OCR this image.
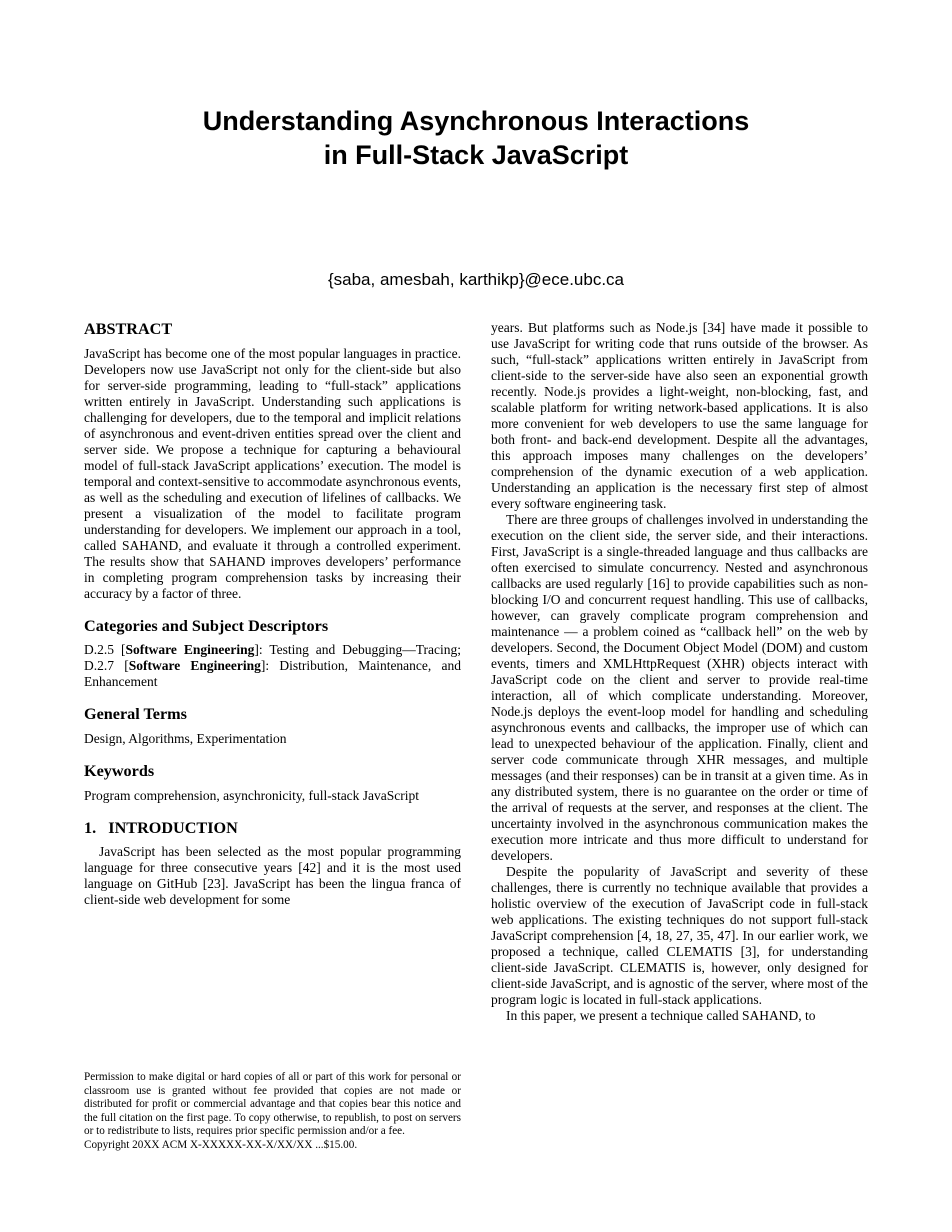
Understanding Asynchronous Interactions
in Full-Stack JavaScript
{saba, amesbah, karthikp}@ece.ubc.ca
ABSTRACT

JavaScript has become one of the most popular languages in practice. Developers now use JavaScript not only for the client-side but also for server-side programming, leading to “full-stack” applications written entirely in JavaScript. Understanding such applications is challenging for developers, due to the temporal and implicit relations of asynchronous and event-driven entities spread over the client and server side. We propose a technique for capturing a behavioural model of full-stack JavaScript applications’ execution. The model is temporal and context-sensitive to accommodate asynchronous events, as well as the scheduling and execution of lifelines of callbacks. We present a visualization of the model to facilitate program understanding for developers. We implement our approach in a tool, called SAHAND, and evaluate it through a controlled experiment. The results show that SAHAND improves developers’ performance in completing program comprehension tasks by increasing their accuracy by a factor of three.

Categories and Subject Descriptors

D.2.5 [Software Engineering]: Testing and Debugging—Tracing; D.2.7 [Software Engineering]: Distribution, Maintenance, and Enhancement

General Terms

Design, Algorithms, Experimentation

Keywords

Program comprehension, asynchronicity, full-stack JavaScript

1.   INTRODUCTION

JavaScript has been selected as the most popular programming language for three consecutive years [42] and it is the most used language on GitHub [23]. JavaScript has been the lingua franca of client-side web development for some

Permission to make digital or hard copies of all or part of this work for personal or classroom use is granted without fee provided that copies are not made or distributed for profit or commercial advantage and that copies bear this notice and the full citation on the first page. To copy otherwise, to republish, to post on servers or to redistribute to lists, requires prior specific permission and/or a fee.

Copyright 20XX ACM X-XXXXX-XX-X/XX/XX ...$15.00.

years. But platforms such as Node.js [34] have made it possible to use JavaScript for writing code that runs outside of the browser. As such, “full-stack” applications written entirely in JavaScript from client-side to the server-side have also seen an exponential growth recently. Node.js provides a light-weight, non-blocking, fast, and scalable platform for writing network-based applications. It is also more convenient for web developers to use the same language for both front- and back-end development. Despite all the advantages, this approach imposes many challenges on the developers’ comprehension of the dynamic execution of a web application. Understanding an application is the necessary first step of almost every software engineering task.

There are three groups of challenges involved in understanding the execution on the client side, the server side, and their interactions. First, JavaScript is a single-threaded language and thus callbacks are often exercised to simulate concurrency. Nested and asynchronous callbacks are used regularly [16] to provide capabilities such as non-blocking I/O and concurrent request handling. This use of callbacks, however, can gravely complicate program comprehension and maintenance — a problem coined as “callback hell” on the web by developers. Second, the Document Object Model (DOM) and custom events, timers and XMLHttpRequest (XHR) objects interact with JavaScript code on the client and server to provide real-time interaction, all of which complicate understanding. Moreover, Node.js deploys the event-loop model for handling and scheduling asynchronous events and callbacks, the improper use of which can lead to unexpected behaviour of the application. Finally, client and server code communicate through XHR messages, and multiple messages (and their responses) can be in transit at a given time. As in any distributed system, there is no guarantee on the order or time of the arrival of requests at the server, and responses at the client. The uncertainty involved in the asynchronous communication makes the execution more intricate and thus more difficult to understand for developers.

Despite the popularity of JavaScript and severity of these challenges, there is currently no technique available that provides a holistic overview of the execution of JavaScript code in full-stack web applications. The existing techniques do not support full-stack JavaScript comprehension [4, 18, 27, 35, 47]. In our earlier work, we proposed a technique, called CLEMATIS [3], for understanding client-side JavaScript. CLEMATIS is, however, only designed for client-side JavaScript, and is agnostic of the server, where most of the program logic is located in full-stack applications.

In this paper, we present a technique called SAHAND, to
